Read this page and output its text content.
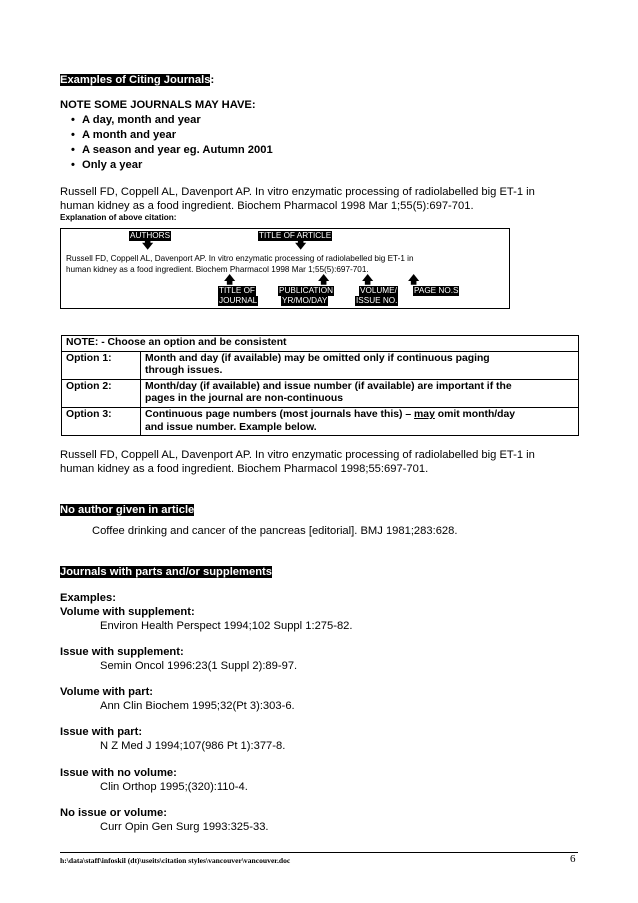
Examples of Citing Journals:
NOTE SOME JOURNALS MAY HAVE:
• A day, month and year
• A month and year
• A season and year eg. Autumn 2001
• Only a year
Russell FD, Coppell AL, Davenport AP. In vitro enzymatic processing of radiolabelled big ET-1 in
human kidney as a food ingredient. Biochem Pharmacol 1998 Mar 1;55(5):697-701.
Explanation of above citation:
AUTHORS	TITLE OF ARTICLE
🡇	🡇
Russell FD, Coppell AL, Davenport AP. In vitro enzymatic processing of radiolabelled big ET-1 in
human kidney as a food ingredient. Biochem Pharmacol 1998 Mar 1;55(5):697-701.
🡅	🡅	🡅	🡅
TITLE OF
JOURNAL
PUBLICATION
YR/MO/DAY
VOLUME/
ISSUE NO.
PAGE NO.S
NOTE: - Choose an option and be consistent	
Option 1:	Month and day (if available) may be omitted only if continuous paging
through issues.
Option 2:	Month/day (if available) and issue number (if available) are important if the
pages in the journal are non-continuous
Option 3:	Continuous page numbers (most journals have this) – may omit month/day
and issue number. Example below.
Russell FD, Coppell AL, Davenport AP. In vitro enzymatic processing of radiolabelled big ET-1 in
human kidney as a food ingredient. Biochem Pharmacol 1998;55:697-701.
No author given in article
Coffee drinking and cancer of the pancreas [editorial]. BMJ 1981;283:628.
Journals with parts and/or supplements
Examples:
Volume with supplement:
Environ Health Perspect 1994;102 Suppl 1:275-82.
Issue with supplement:
Semin Oncol 1996:23(1 Suppl 2):89-97.
Volume with part:
Ann Clin Biochem 1995;32(Pt 3):303-6.
Issue with part:
N Z Med J 1994;107(986 Pt 1):377-8.
Issue with no volume:
Clin Orthop 1995;(320):110-4.
No issue or volume:
Curr Opin Gen Surg 1993:325-33.
h:\data\staff\infoskil (dt)\useits\citation styles\vancouver\vancouver.doc	6
